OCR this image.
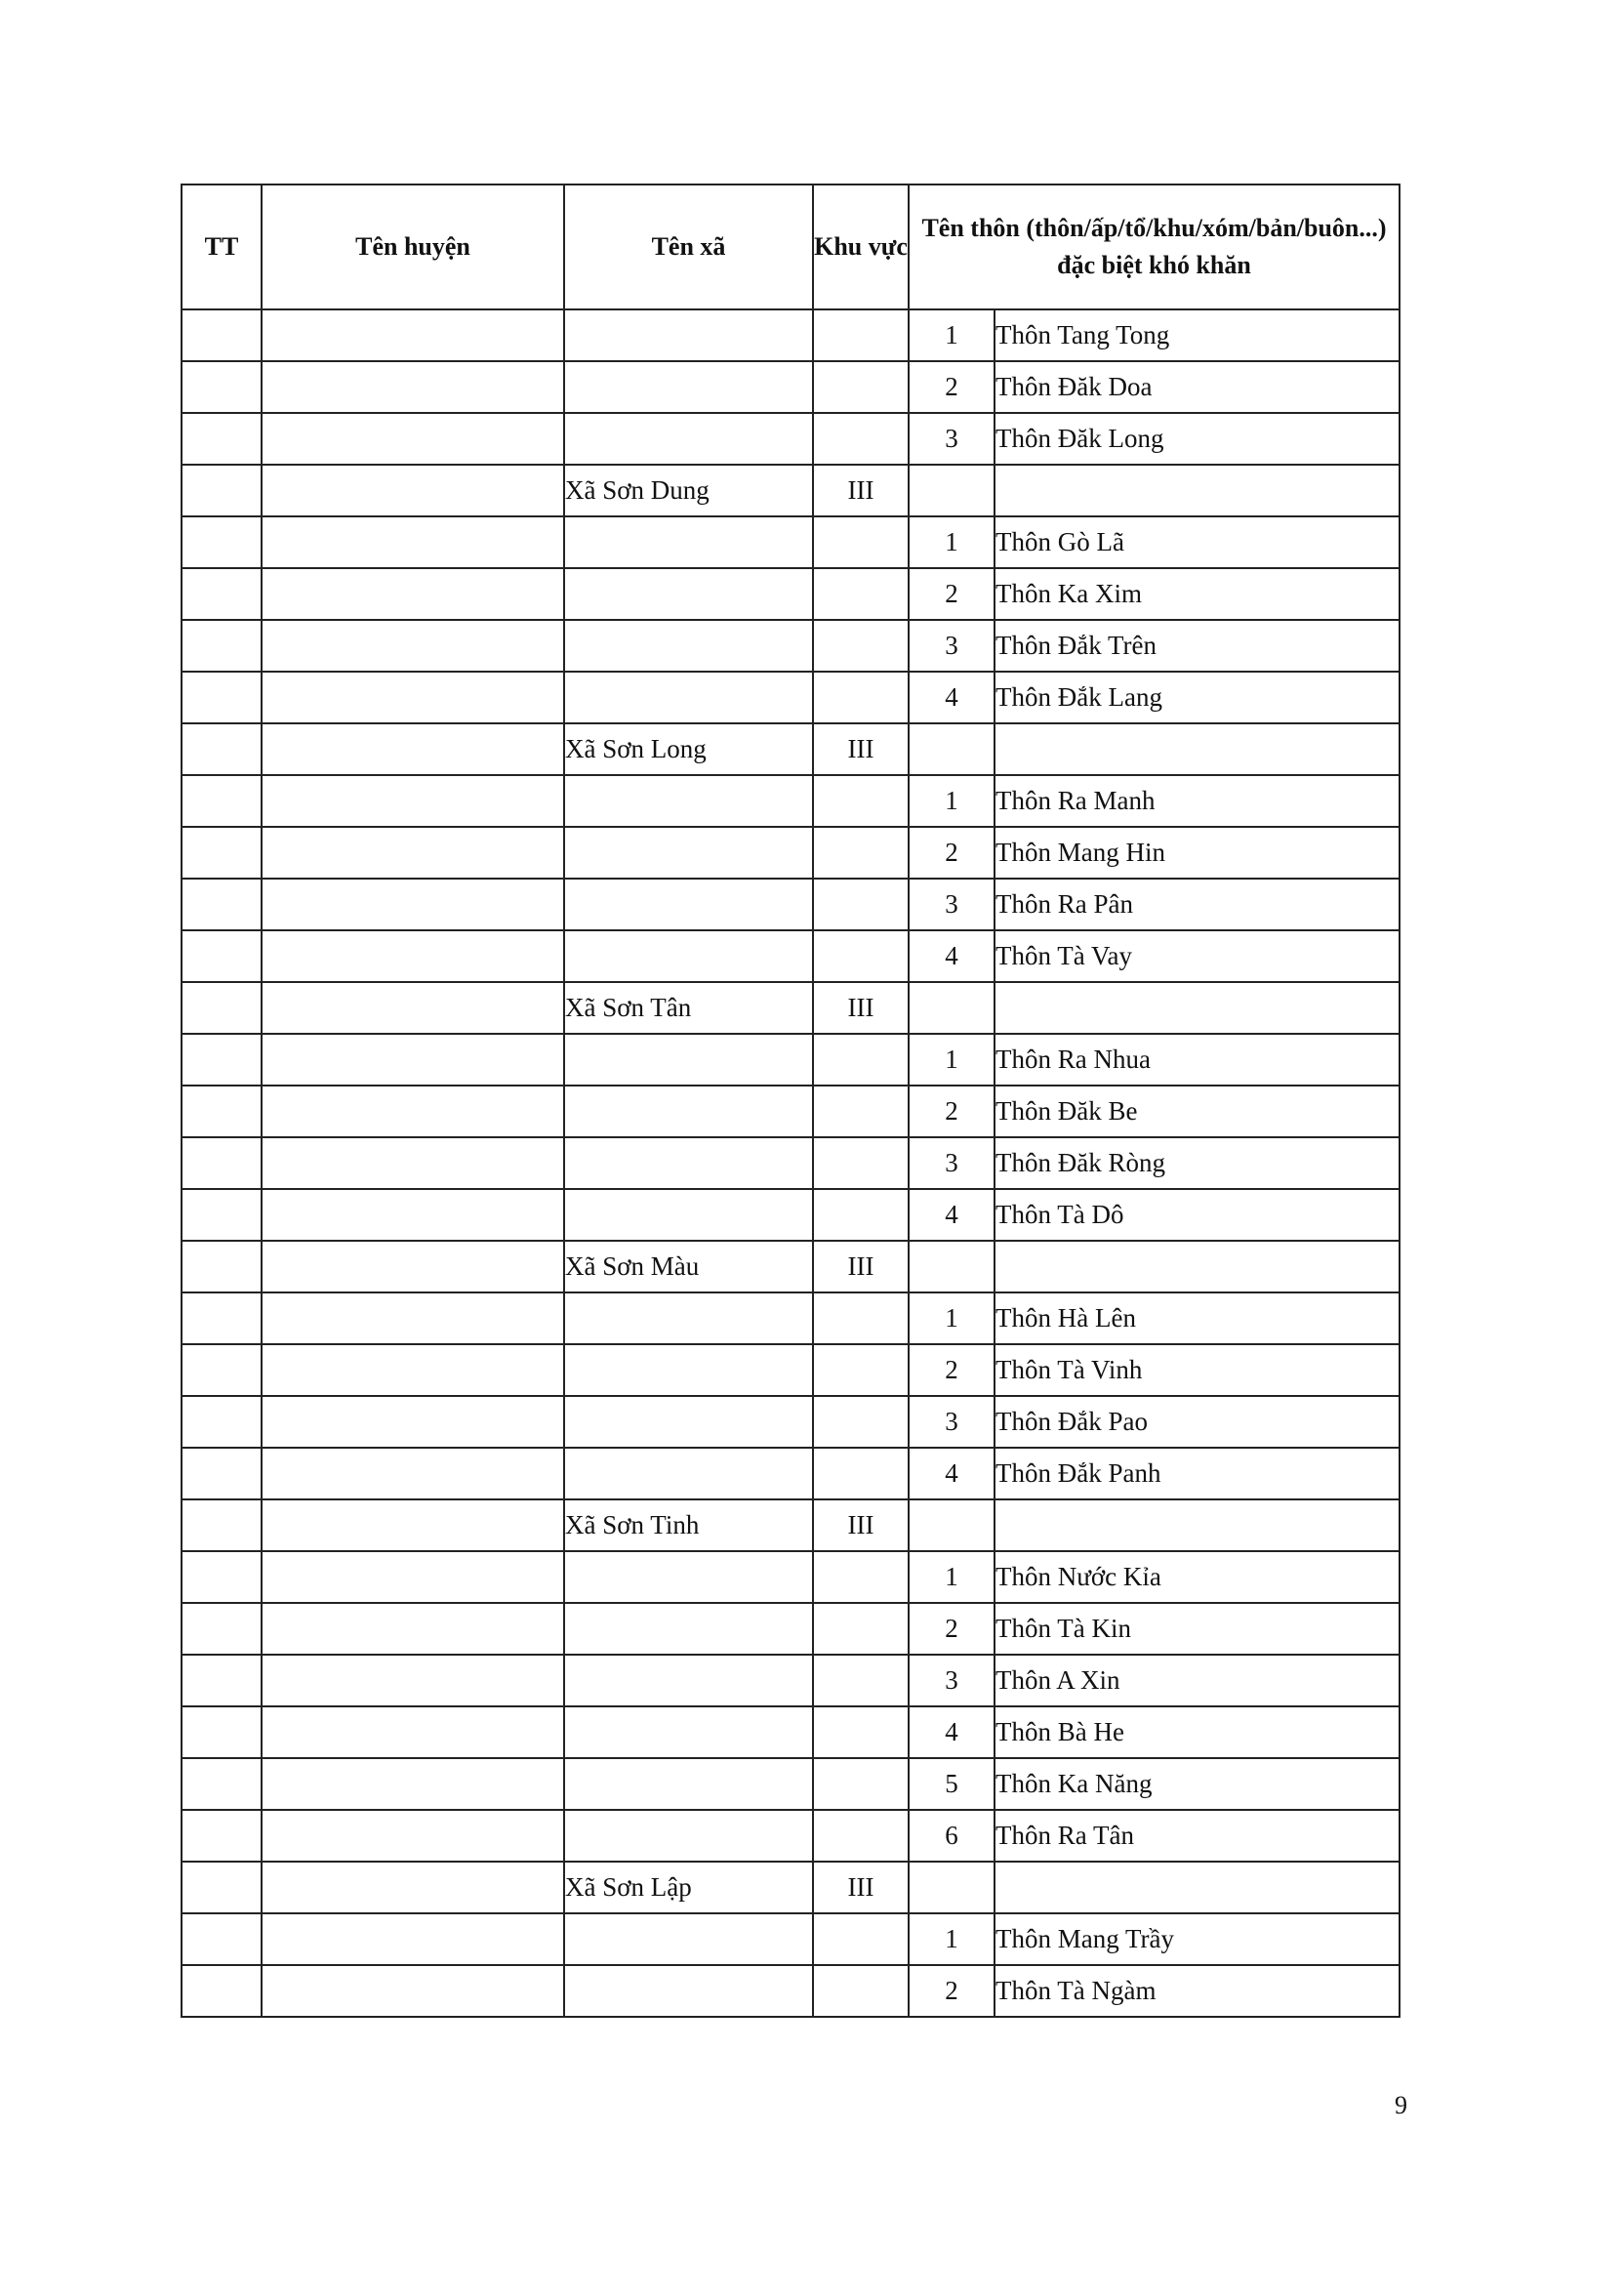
TT	Tên huyện	Tên xã	Khu vực	Tên thôn (thôn/ấp/tổ/khu/xóm/bản/buôn...) đặc biệt khó khăn	
				1	Thôn Tang Tong
				2	Thôn Đăk Doa
				3	Thôn Đăk Long
		Xã Sơn Dung	III		
				1	Thôn Gò Lã
				2	Thôn Ka Xim
				3	Thôn Đắk Trên
				4	Thôn Đắk Lang
		Xã Sơn Long	III		
				1	Thôn Ra Manh
				2	Thôn Mang Hin
				3	Thôn Ra Pân
				4	Thôn Tà Vay
		Xã Sơn Tân	III		
				1	Thôn Ra Nhua
				2	Thôn Đăk Be
				3	Thôn Đăk Ròng
				4	Thôn Tà Dô
		Xã Sơn Màu	III		
				1	Thôn Hà Lên
				2	Thôn Tà Vinh
				3	Thôn Đắk Pao
				4	Thôn Đắk Panh
		Xã Sơn Tinh	III		
				1	Thôn Nước Kỉa
				2	Thôn Tà Kin
				3	Thôn A Xin
				4	Thôn Bà He
				5	Thôn Ka Năng
				6	Thôn Ra Tân
		Xã Sơn Lập	III		
				1	Thôn Mang Trầy
				2	Thôn Tà Ngàm
9
